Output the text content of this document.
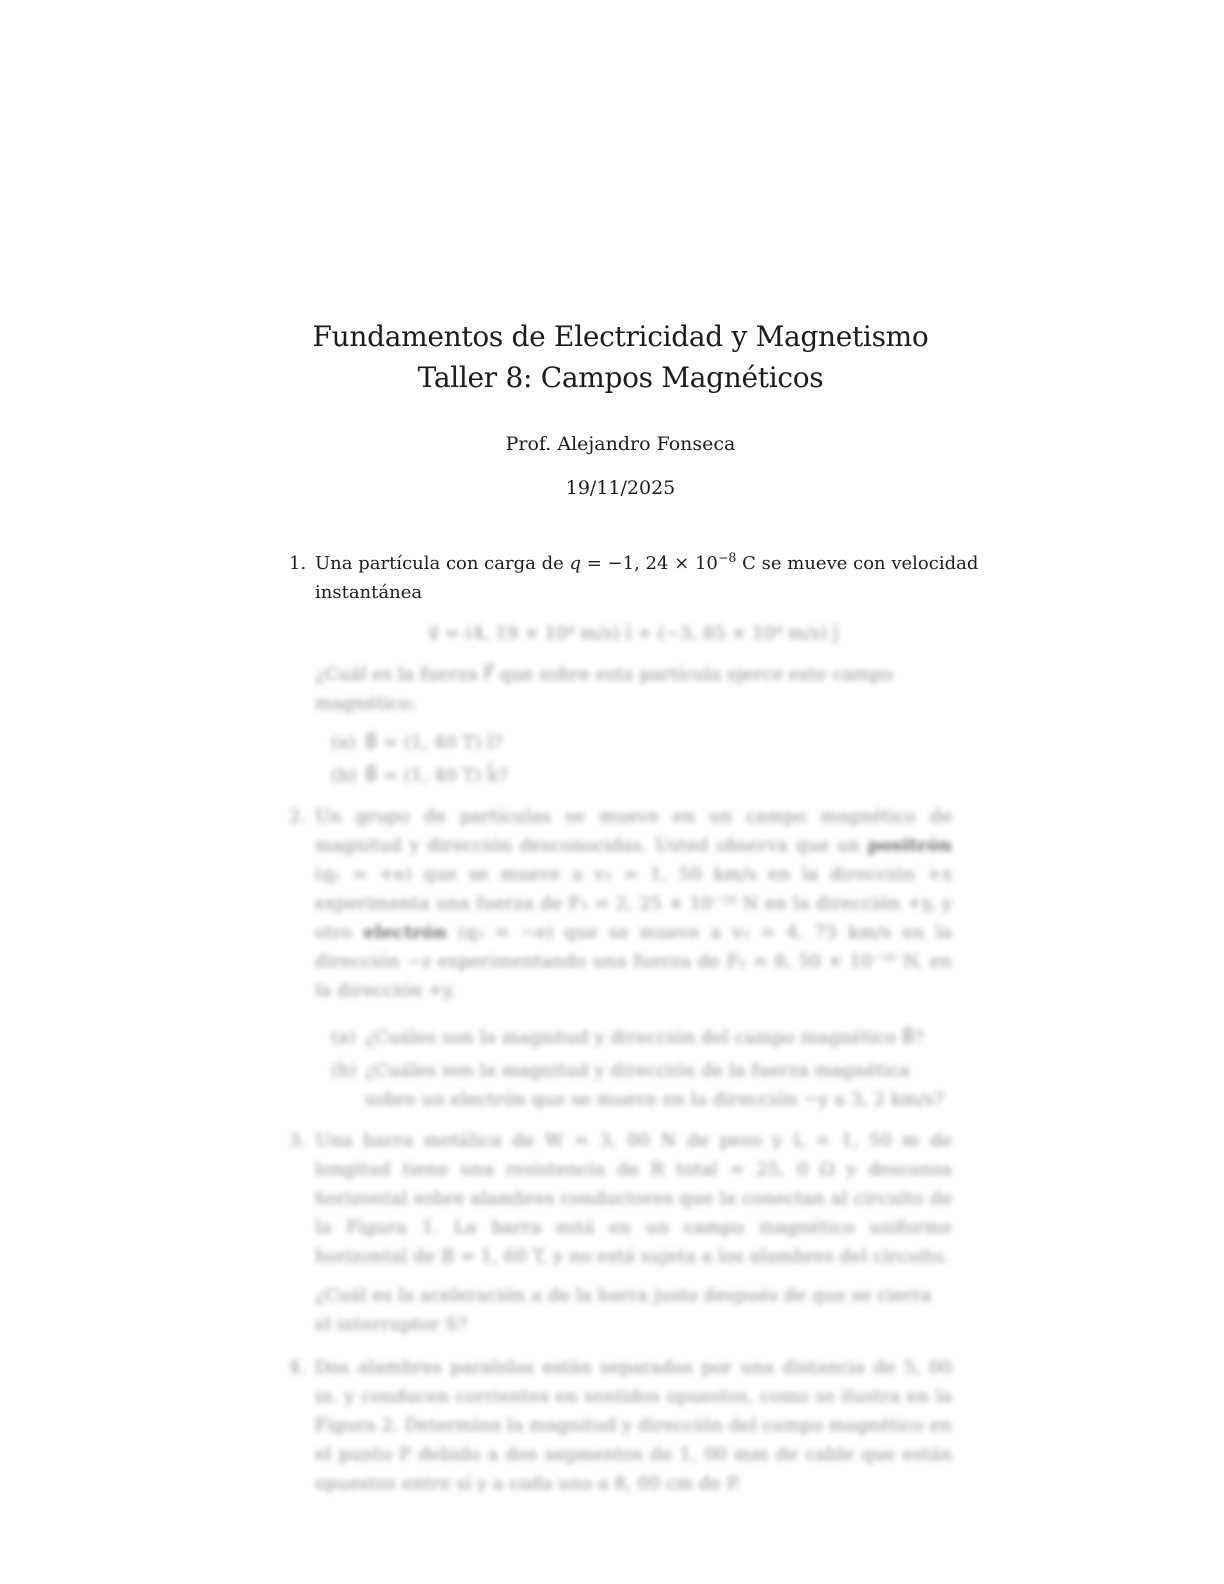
Fundamentos de Electricidad y Magnetismo
Taller 8: Campos Magnéticos
Prof. Alejandro Fonseca
19/11/2025
1. Una partícula con carga de q = −1, $24 \times 10^{-8}$ C se mueve con velocidad
instantánea
v⃗ = (4, 19 × 10⁴ m/s) î + (−3, 85 × 10⁴ m/s) ĵ
¿Cuál es la fuerza F⃗ que sobre esta partícula ejerce este campo magnético:
(a) B⃗ = (1, 40 T) î?
(b) B⃗ = (1, 40 T) k̂?
2. Un grupo de partículas se mueve en un campo magnético de magnitud y dirección desconocidas. Usted observa que un positrón (q₁ = +e) que se mueve a v₁ = 1, 50 km/s en la dirección +x experimenta una fuerza de F₁ = 2, 25 × 10⁻¹⁶ N en la dirección +y, y otro electrón (q₂ = −e) que se mueve a v₂ = 4, 75 km/s en la dirección −z experimentando una fuerza de F₂ = 8, 50 × 10⁻¹⁶ N, en la dirección +y.
(a) ¿Cuáles son la magnitud y dirección del campo magnético B⃗?
(b) ¿Cuáles son la magnitud y dirección de la fuerza magnética sobre un electrón que se mueve en la dirección −y a 3, 2 km/s?
3. Una barra metálica de W = 3, 00 N de peso y L = 1, 50 m de longitud tiene una resistencia de R total = 25, 0 Ω y descansa horizontal sobre alambres conductores que la conectan al circuito de la Figura 1. La barra está en un campo magnético uniforme horizontal de B = 1, 60 T, y no está sujeta a los alambres del circuito.
¿Cuál es la aceleración a de la barra justo después de que se cierra el interruptor S?
4. Dos alambres paralelos están separados por una distancia de 5, 00 in. y conducen corrientes en sentidos opuestos, como se ilustra en la Figura 2. Determine la magnitud y dirección del campo magnético en el punto P debido a dos segmentos de 1, 00 mm de cable que están opuestos entre sí y a cada uno a 8, 00 cm de P.
